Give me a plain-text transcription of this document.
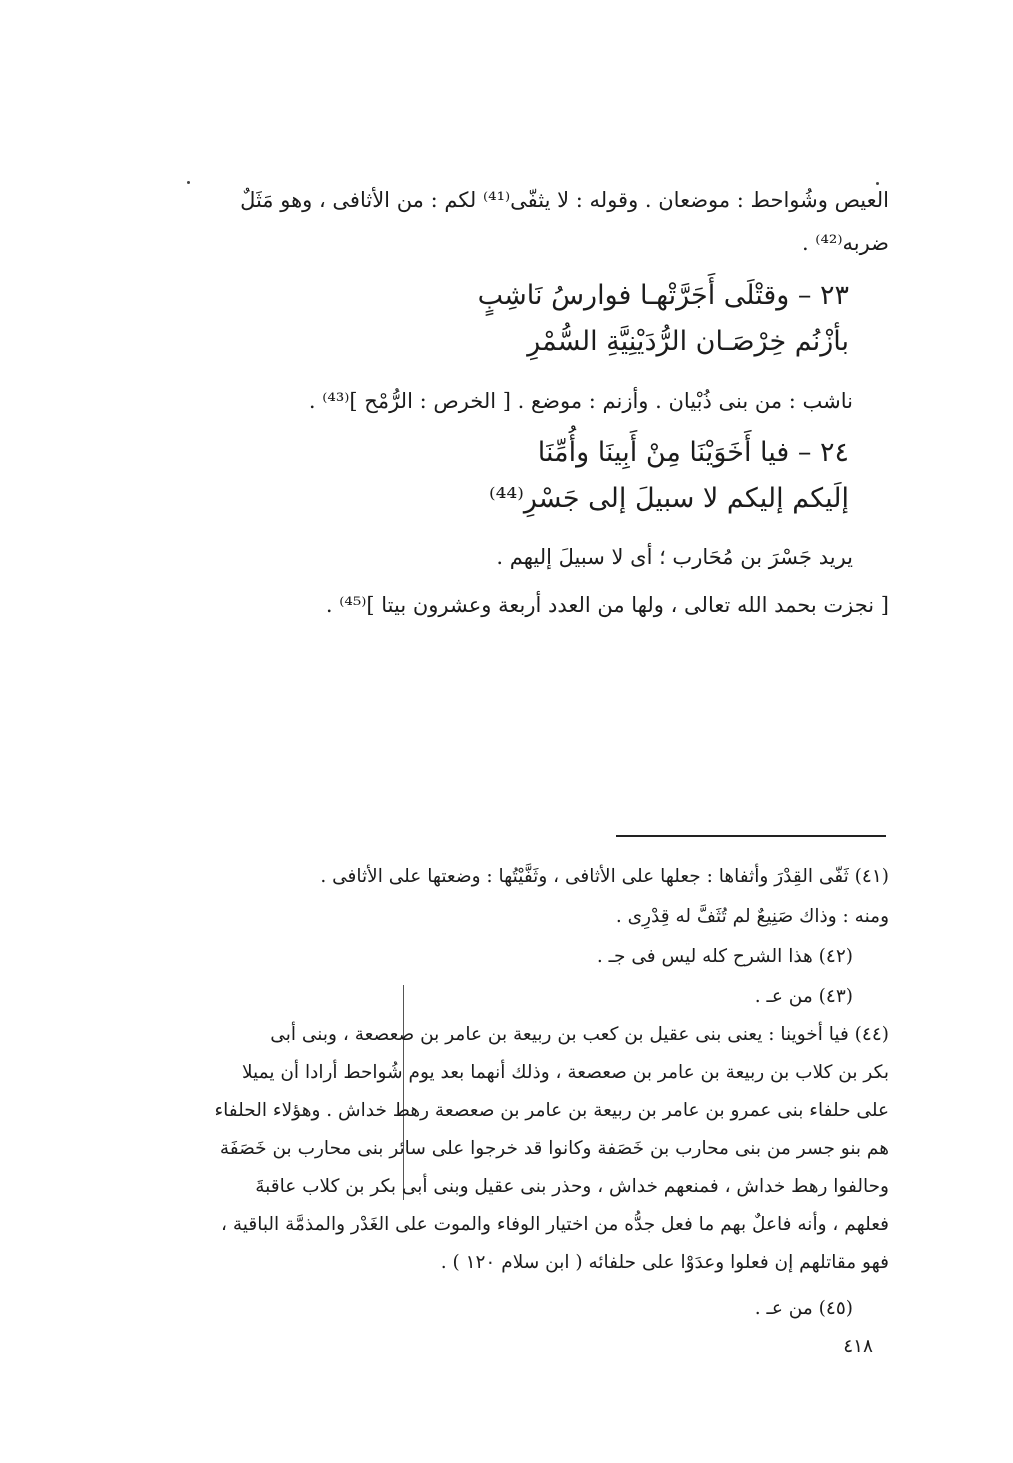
العيص وشُواحط : موضعان . وقوله : لا يثفّى⁽⁴¹⁾ لكم : من الأثافى ، وهو مَثَلٌ
ضربه⁽⁴²⁾ .
٢٣ – وقتْلَى أَجَرَّتْهـا فوارسُ نَاشِبٍ
بأزْنُم خِرْصَـان الرُّدَيْنِيَّةِ السُّمْرِ
ناشب : من بنى ذُبْيان . وأزنم : موضع . [ الخرص : الرُّمْح ]⁽⁴³⁾ .
٢٤ – فيا أَخَوَيْنَا مِنْ أَبِينَا وأُمِّنَا
إلَيكم إليكم لا سبيلَ إلى جَسْرِ⁽⁴⁴⁾
يريد جَسْرَ بن مُحَارب ؛ أى لا سبيلَ إليهم .
[ نجزت بحمد الله تعالى ، ولها من العدد أربعة وعشرون بيتا ]⁽⁴⁵⁾ .
(٤١) ثَفّى القِدْرَ وأثفاها : جعلها على الأثافى ، وثَفَّيْتُها : وضعتها على الأثافى .
ومنه : وذاك صَنِيعٌ لم تُثَفَّ له قِدْرِى .
(٤٢) هذا الشرح كله ليس فى جـ .
(٤٣) من عـ .
(٤٤) فيا أخوينا : يعنى بنى عقيل بن كعب بن ربيعة بن عامر بن صعصعة ، وبنى أبى
بكر بن كلاب بن ربيعة بن عامر بن صعصعة ، وذلك أنهما بعد يوم شُواحط أرادا أن يميلا
على حلفاء بنى عمرو بن عامر بن ربيعة بن عامر بن صعصعة رهط خداش . وهؤلاء الحلفاء
هم بنو جسر من بنى محارب بن خَصَفة وكانوا قد خرجوا على سائر بنى محارب بن خَصَفَة
وحالفوا رهط خداش ، فمنعهم خداش ، وحذر بنى عقيل وبنى أبى بكر بن كلاب عاقبةَ
فعلهم ، وأنه فاعلٌ بهم ما فعل جدُّه من اختيار الوفاء والموت على الغَدْر والمذمَّة الباقية ،
فهو مقاتلهم إن فعلوا وعدَوْا على حلفائه ( ابن سلام ١٢٠ ) .
(٤٥) من عـ .
٤١٨
